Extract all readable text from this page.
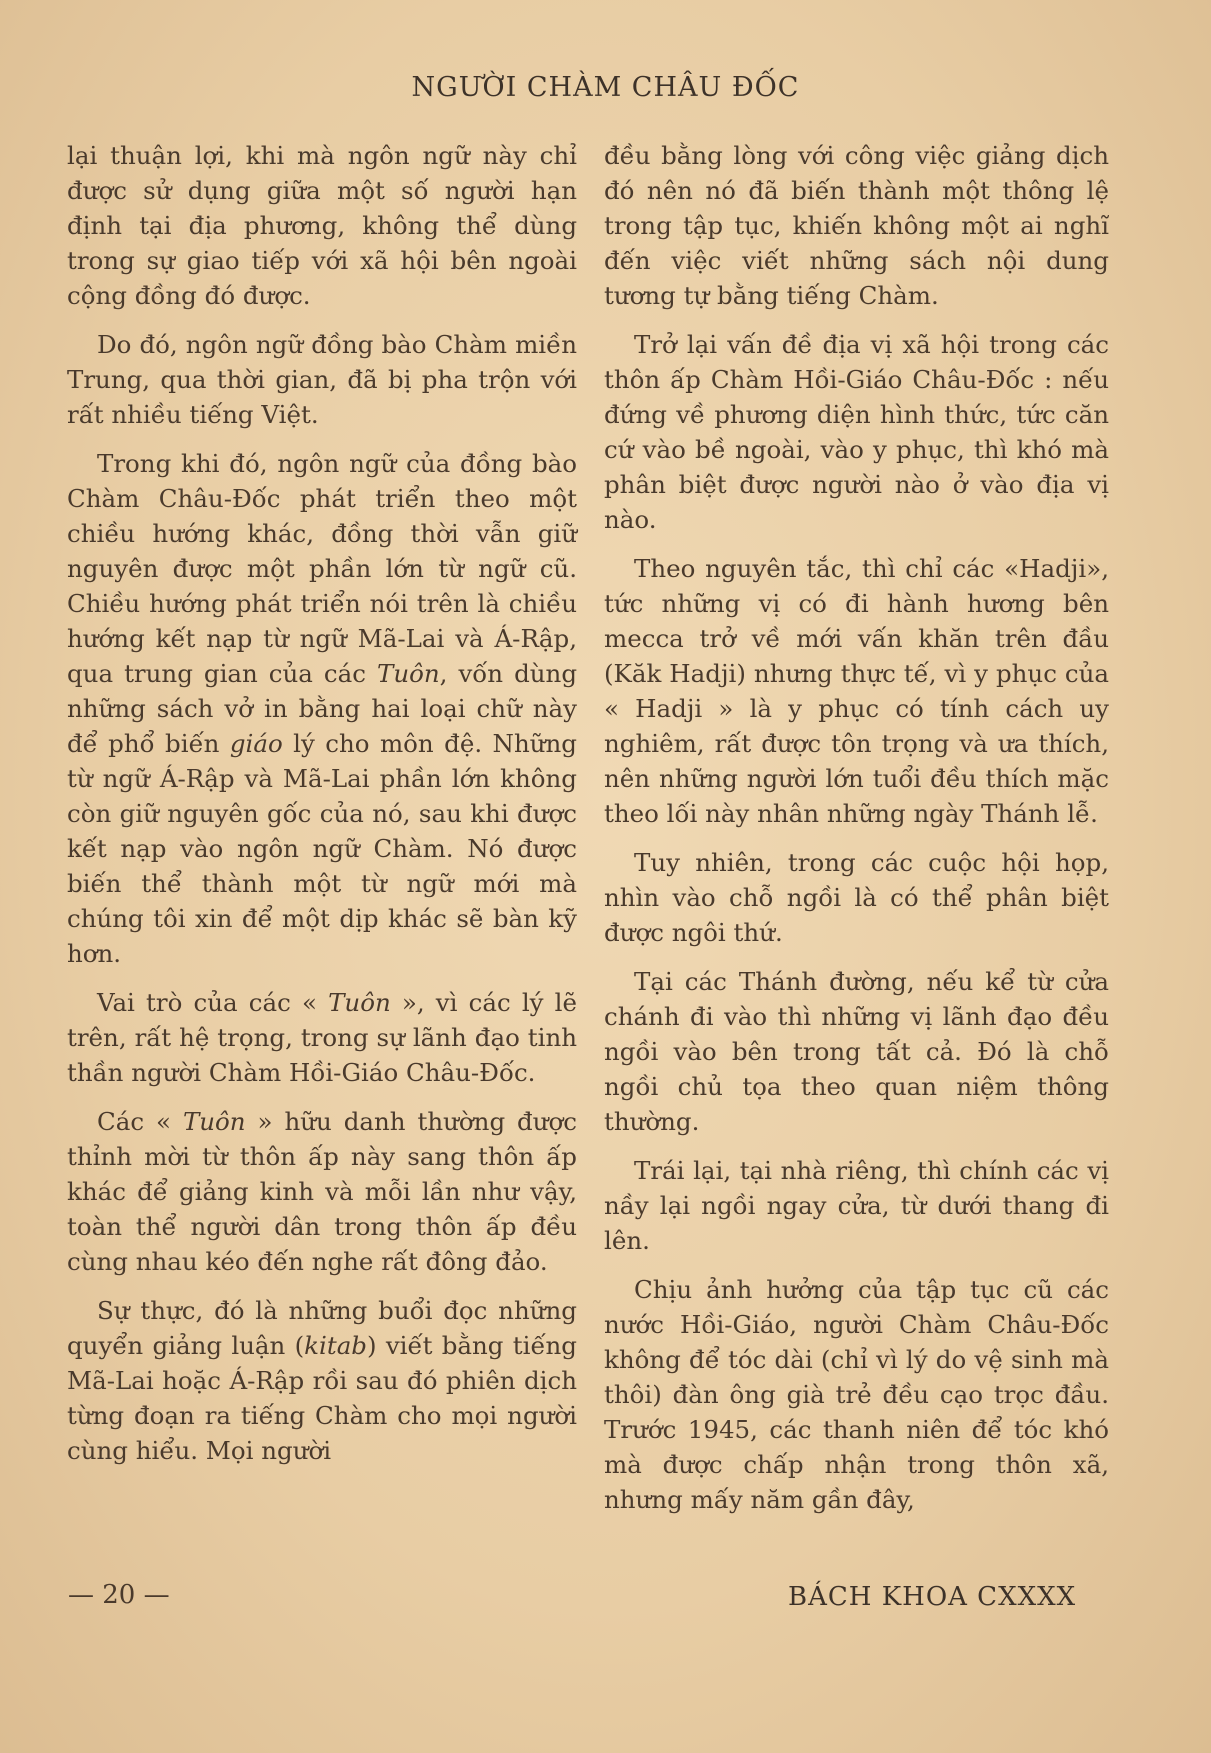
NGƯỜI CHÀM CHÂU ĐỐC

lại thuận lợi, khi mà ngôn ngữ này chỉ được sử dụng giữa một số người hạn định tại địa phương, không thể dùng trong sự giao tiếp với xã hội bên ngoài cộng đồng đó được.

Do đó, ngôn ngữ đồng bào Chàm miền Trung, qua thời gian, đã bị pha trộn với rất nhiều tiếng Việt.

Trong khi đó, ngôn ngữ của đồng bào Chàm Châu-Đốc phát triển theo một chiều hướng khác, đồng thời vẫn giữ nguyên được một phần lớn từ ngữ cũ. Chiều hướng phát triển nói trên là chiều hướng kết nạp từ ngữ Mã-Lai và Á-Rập, qua trung gian của các Tuôn, vốn dùng những sách vở in bằng hai loại chữ này để phổ biến giáo lý cho môn đệ. Những từ ngữ Á-Rập và Mã-Lai phần lớn không còn giữ nguyên gốc của nó, sau khi được kết nạp vào ngôn ngữ Chàm. Nó được biến thể thành một từ ngữ mới mà chúng tôi xin để một dịp khác sẽ bàn kỹ hơn.

Vai trò của các « Tuôn », vì các lý lẽ trên, rất hệ trọng, trong sự lãnh đạo tinh thần người Chàm Hồi-Giáo Châu-Đốc.

Các « Tuôn » hữu danh thường được thỉnh mời từ thôn ấp này sang thôn ấp khác để giảng kinh và mỗi lần như vậy, toàn thể người dân trong thôn ấp đều cùng nhau kéo đến nghe rất đông đảo.

Sự thực, đó là những buổi đọc những quyển giảng luận (kitab) viết bằng tiếng Mã-Lai hoặc Á-Rập rồi sau đó phiên dịch từng đoạn ra tiếng Chàm cho mọi người cùng hiểu. Mọi người

đều bằng lòng với công việc giảng dịch đó nên nó đã biến thành một thông lệ trong tập tục, khiến không một ai nghĩ đến việc viết những sách nội dung tương tự bằng tiếng Chàm.

Trở lại vấn đề địa vị xã hội trong các thôn ấp Chàm Hồi-Giáo Châu-Đốc : nếu đứng về phương diện hình thức, tức căn cứ vào bề ngoài, vào y phục, thì khó mà phân biệt được người nào ở vào địa vị nào.

Theo nguyên tắc, thì chỉ các «Hadji», tức những vị có đi hành hương bên mecca trở về mới vấn khăn trên đầu (Kăk Hadji) nhưng thực tế, vì y phục của « Hadji » là y phục có tính cách uy nghiêm, rất được tôn trọng và ưa thích, nên những người lớn tuổi đều thích mặc theo lối này nhân những ngày Thánh lễ.

Tuy nhiên, trong các cuộc hội họp, nhìn vào chỗ ngồi là có thể phân biệt được ngôi thứ.

Tại các Thánh đường, nếu kể từ cửa chánh đi vào thì những vị lãnh đạo đều ngồi vào bên trong tất cả. Đó là chỗ ngồi chủ tọa theo quan niệm thông thường.

Trái lại, tại nhà riêng, thì chính các vị nầy lại ngồi ngay cửa, từ dưới thang đi lên.

Chịu ảnh hưởng của tập tục cũ các nước Hồi-Giáo, người Chàm Châu-Đốc không để tóc dài (chỉ vì lý do vệ sinh mà thôi) đàn ông già trẻ đều cạo trọc đầu. Trước 1945, các thanh niên để tóc khó mà được chấp nhận trong thôn xã, nhưng mấy năm gần đây,

— 20 —	BÁCH KHOA CXXXX
